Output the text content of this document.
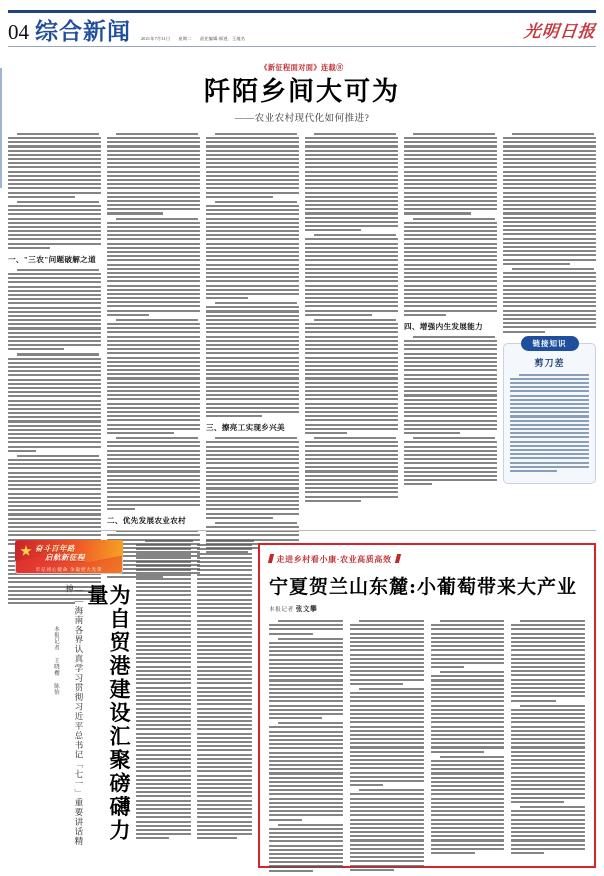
04 综合新闻 2021年7月31日 星期二 责任编辑:邢进、王地名	光明日报
《新征程面对面》连载⑧
阡陌乡间大可为
——农业农村现代化如何推进?
一、"三农"问题破解之道
二、优先发展农业农村
三、擦亮工实现乡兴美
四、增强内生发展能力
链接知识
剪刀差
奋斗百年路
启航新征程
牢记初心使命 争取更大光荣
为自贸港建设汇聚磅礴力量
——海南各界认真学习贯彻习近平总书记「七一」重要讲话精神
本报记者 王晓樱 陈怡
走进乡村看小康·农业高质高效
宁夏贺兰山东麓:小葡萄带来大产业
本报记者 张文攀
